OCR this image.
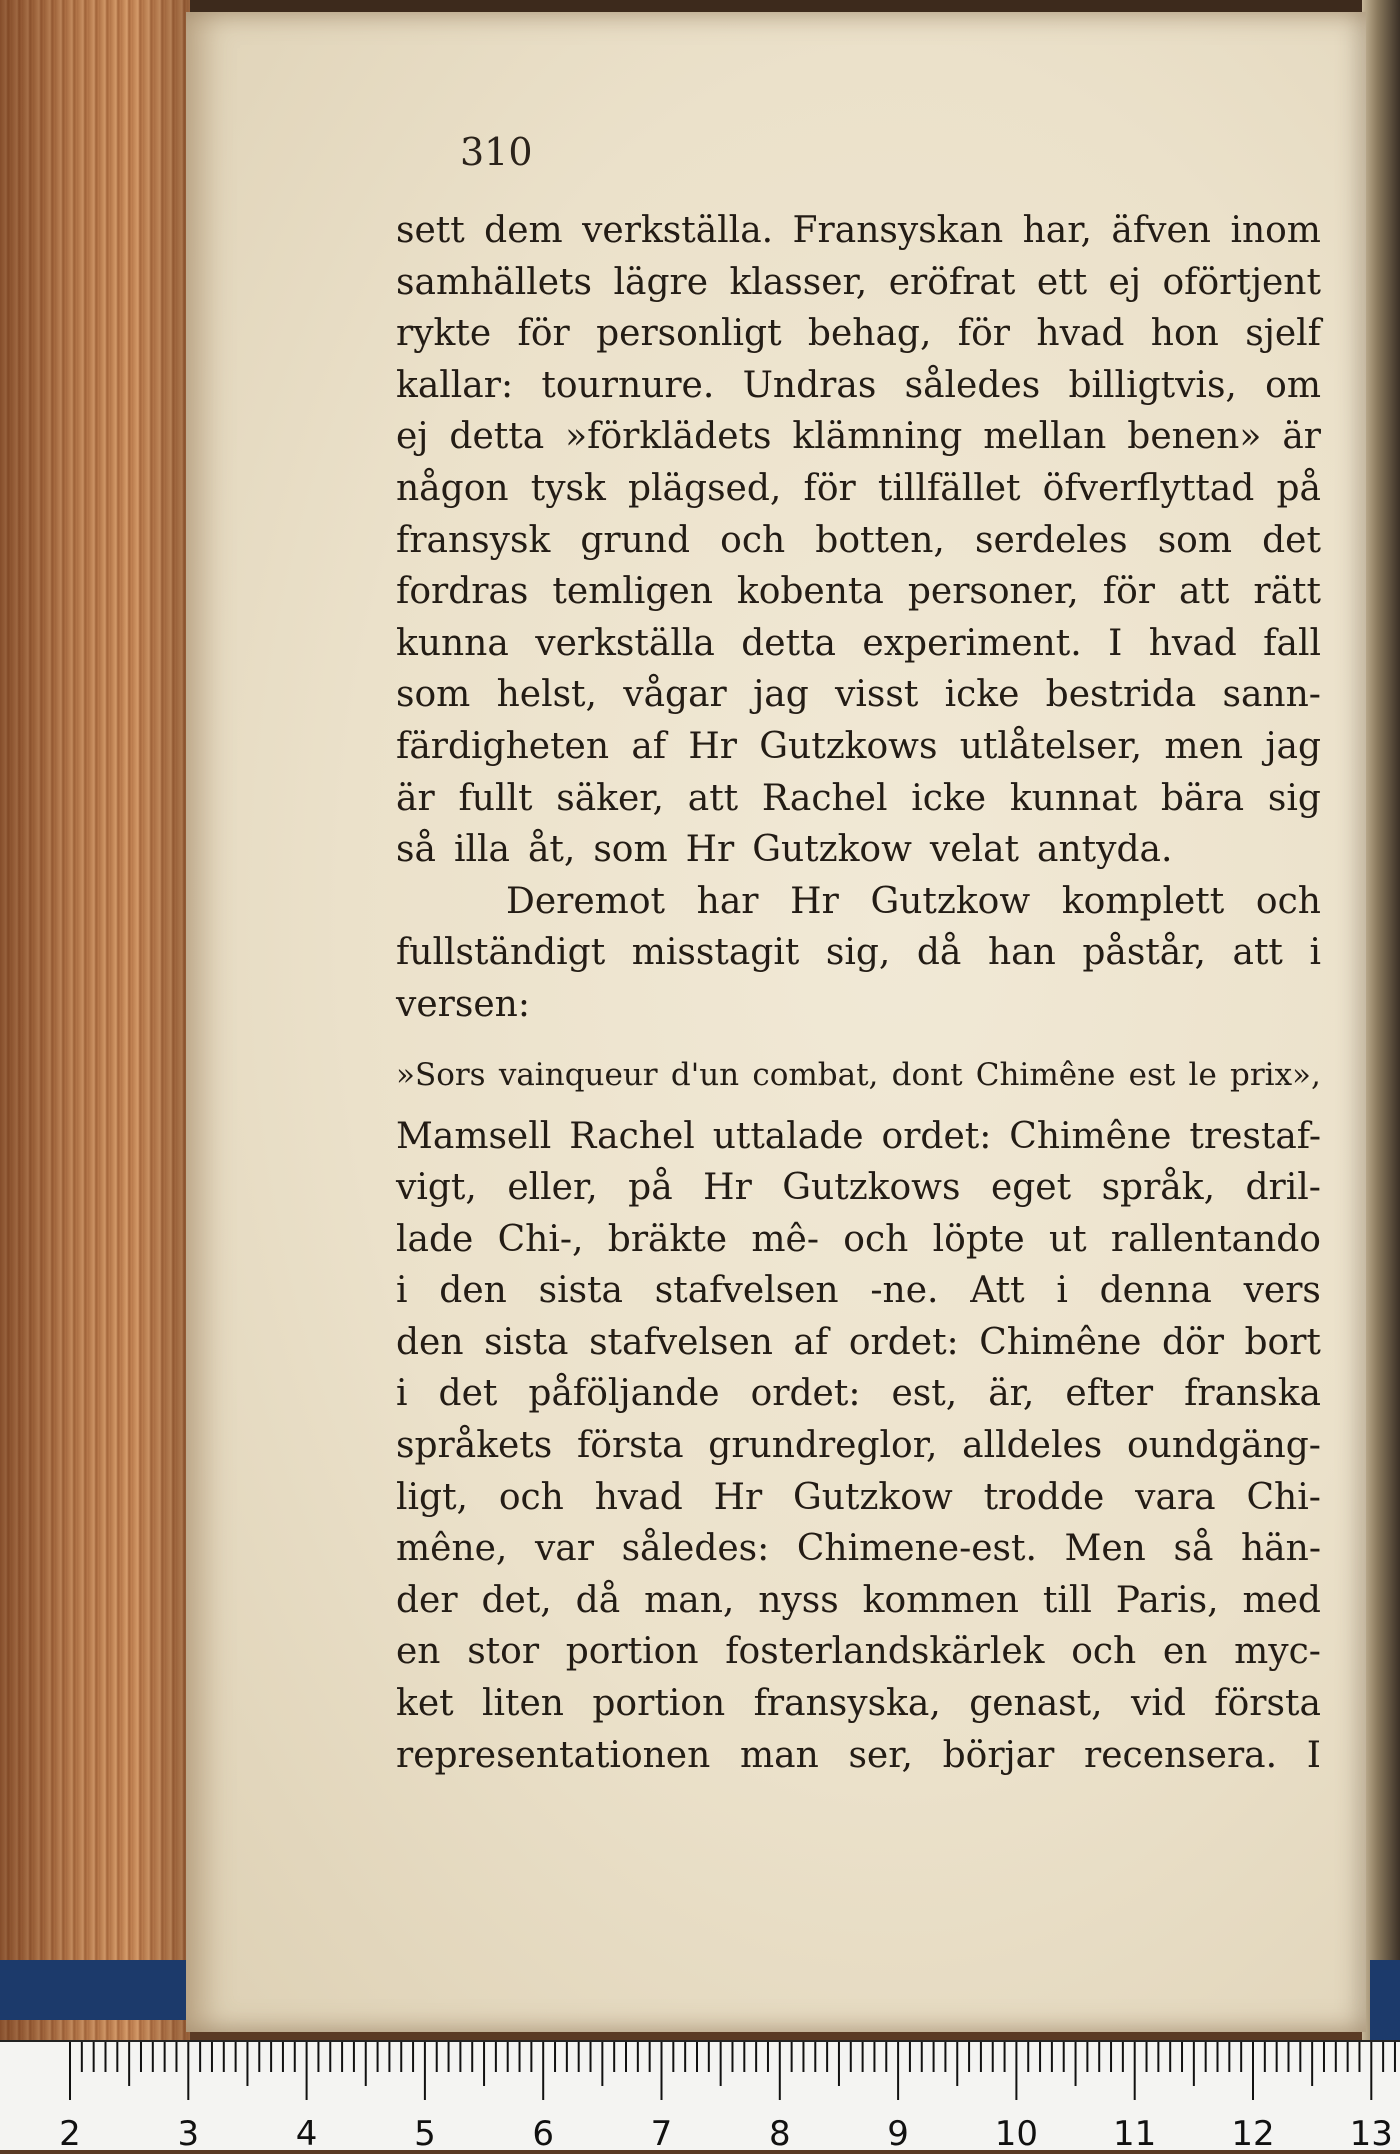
310
sett dem verkställa. Fransyskan har, äfven inom
samhällets lägre klasser, eröfrat ett ej oförtjent
rykte för personligt behag, för hvad hon sjelf
kallar: tournure. Undras således billigtvis, om
ej detta »förklädets klämning mellan benen» är
någon tysk plägsed, för tillfället öfverflyttad på
fransysk grund och botten, serdeles som det
fordras temligen kobenta personer, för att rätt
kunna verkställa detta experiment. I hvad fall
som helst, vågar jag visst icke bestrida sann-
färdigheten af Hr Gutzkows utlåtelser, men jag
är fullt säker, att Rachel icke kunnat bära sig
så illa åt, som Hr Gutzkow velat antyda.
Deremot har Hr Gutzkow komplett och
fullständigt misstagit sig, då han påstår, att i
versen:
»Sors vainqueur d'un combat, dont Chimêne est le prix»,
Mamsell Rachel uttalade ordet: Chimêne trestaf-
vigt, eller, på Hr Gutzkows eget språk, dril-
lade Chi-, bräkte mê- och löpte ut rallentando
i den sista stafvelsen -ne. Att i denna vers
den sista stafvelsen af ordet: Chimêne dör bort
i det påföljande ordet: est, är, efter franska
språkets första grundreglor, alldeles oundgäng-
ligt, och hvad Hr Gutzkow trodde vara Chi-
mêne, var således: Chimene-est. Men så hän-
der det, då man, nyss kommen till Paris, med
en stor portion fosterlandskärlek och en myc-
ket liten portion fransyska, genast, vid första
representationen man ser, börjar recensera. I
2	3	4	5	6	7	8	9	10 11 12 13
